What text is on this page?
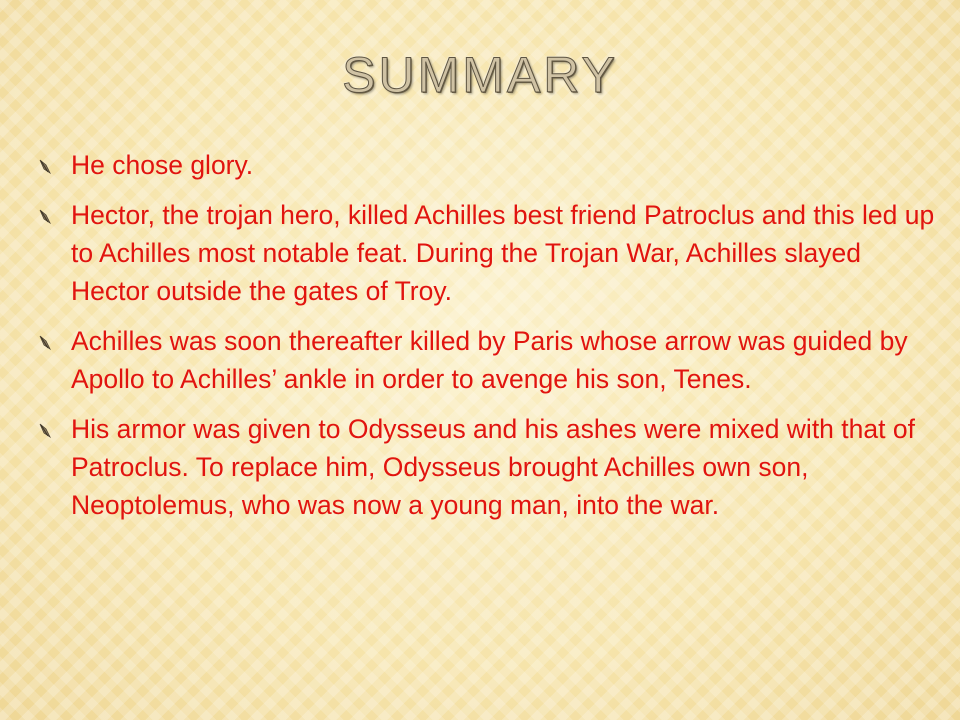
SUMMARY
He chose glory.
Hector, the trojan hero, killed Achilles best friend Patroclus and this led up to Achilles most notable feat. During the Trojan War, Achilles slayed Hector outside the gates of Troy.
Achilles was soon thereafter killed by Paris whose arrow was guided by Apollo to Achilles’ ankle in order to avenge his son, Tenes.
His armor was given to Odysseus and his ashes were mixed with that of Patroclus. To replace him, Odysseus brought Achilles own son, Neoptolemus, who was now a young man, into the war.
